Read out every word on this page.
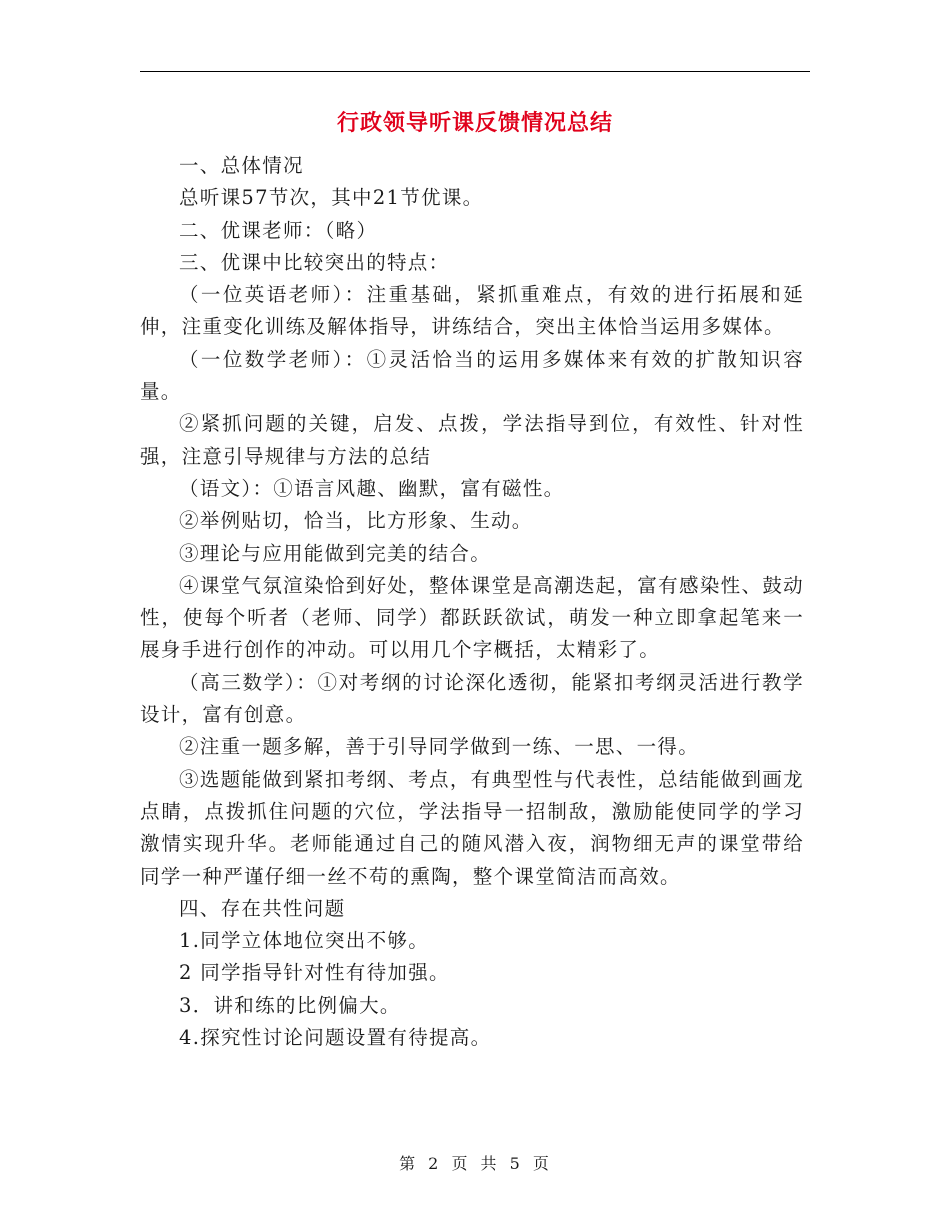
行政领导听课反馈情况总结

一、总体情况

总听课57节次，其中21节优课。

二、优课老师：（略）

三、优课中比较突出的特点：

（一位英语老师）：注重基础，紧抓重难点，有效的进行拓展和延伸，注重变化训练及解体指导，讲练结合，突出主体恰当运用多媒体。

（一位数学老师）：①灵活恰当的运用多媒体来有效的扩散知识容量。

②紧抓问题的关键，启发、点拨，学法指导到位，有效性、针对性强，注意引导规律与方法的总结

（语文）：①语言风趣、幽默，富有磁性。

②举例贴切，恰当，比方形象、生动。

③理论与应用能做到完美的结合。

④课堂气氛渲染恰到好处，整体课堂是高潮迭起，富有感染性、鼓动性，使每个听者（老师、同学）都跃跃欲试，萌发一种立即拿起笔来一展身手进行创作的冲动。可以用几个字概括，太精彩了。

（高三数学）：①对考纲的讨论深化透彻，能紧扣考纲灵活进行教学设计，富有创意。

②注重一题多解，善于引导同学做到一练、一思、一得。

③选题能做到紧扣考纲、考点，有典型性与代表性，总结能做到画龙点睛，点拨抓住问题的穴位，学法指导一招制敌，激励能使同学的学习激情实现升华。老师能通过自己的随风潜入夜，润物细无声的课堂带给同学一种严谨仔细一丝不苟的熏陶，整个课堂简洁而高效。

四、存在共性问题

1.同学立体地位突出不够。

2 同学指导针对性有待加强。

3．讲和练的比例偏大。

4.探究性讨论问题设置有待提高。

第 2 页 共 5 页
